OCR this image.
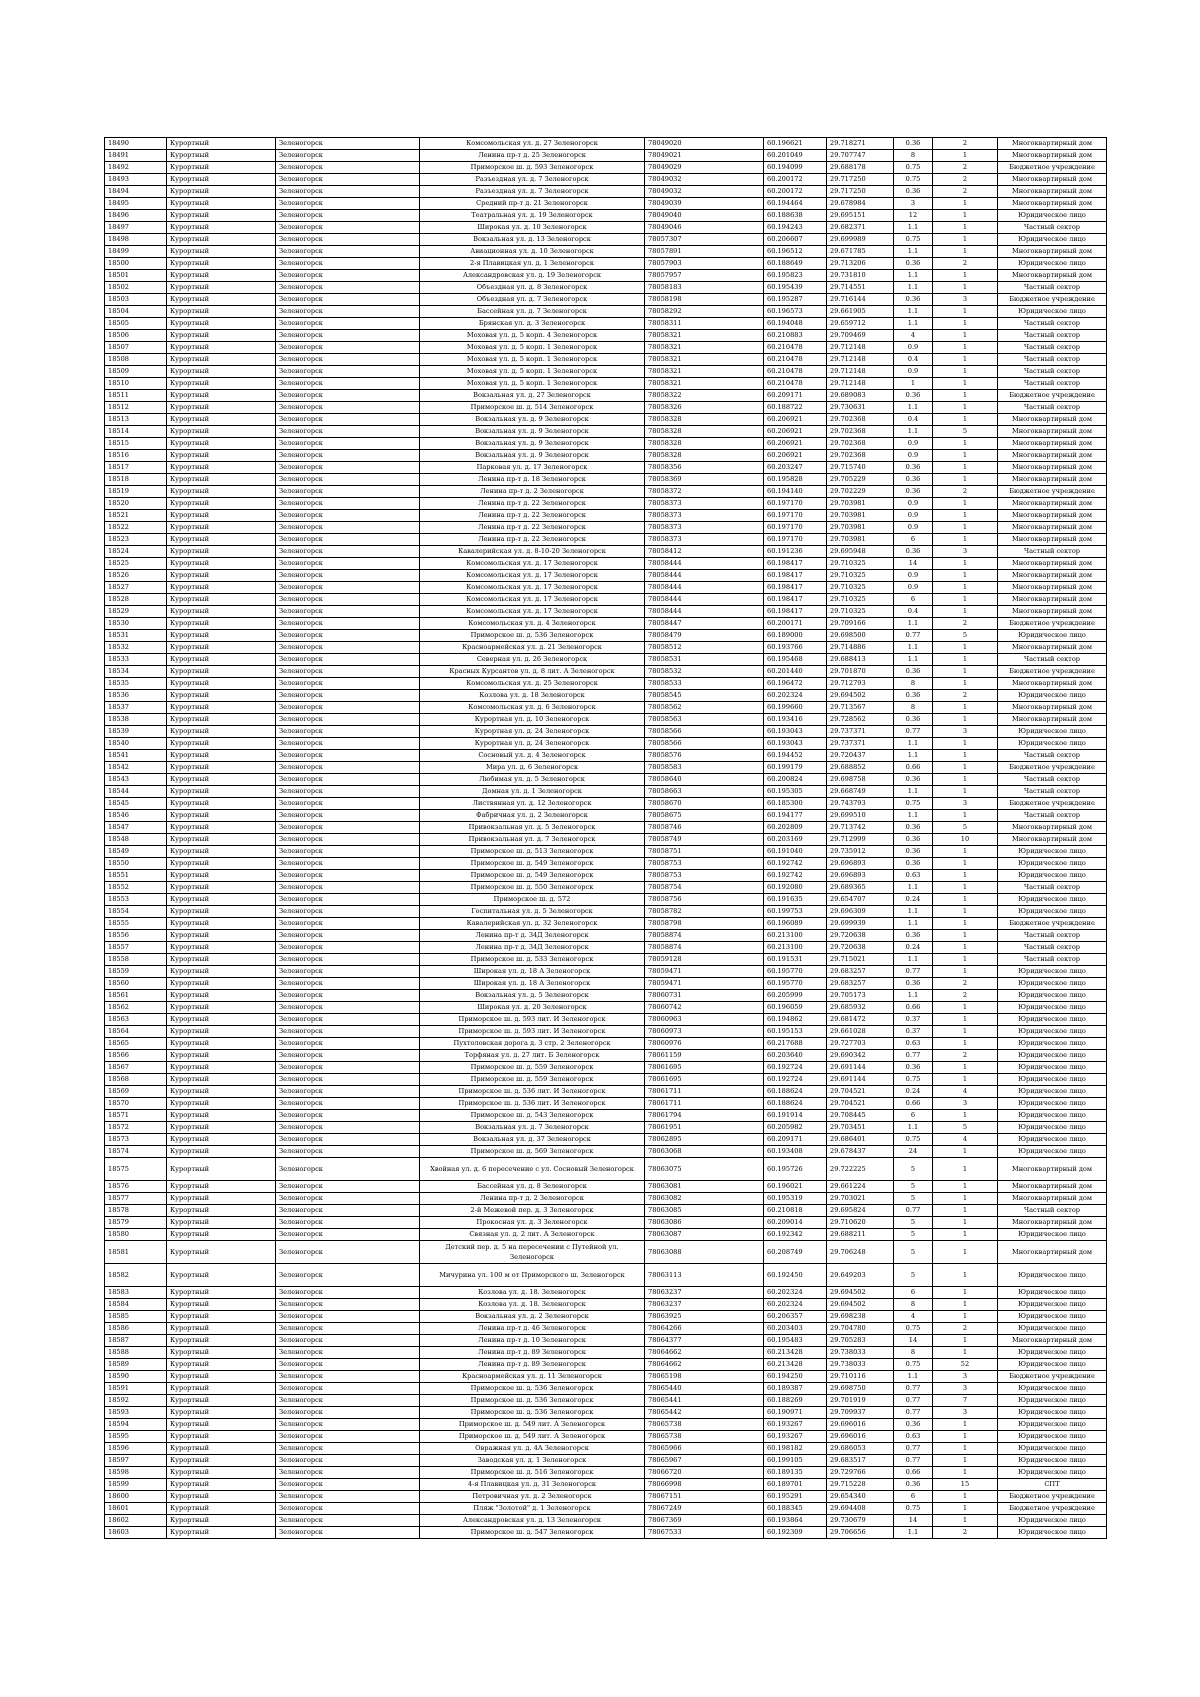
18490	Курортный	Зеленогорск	Комсомольская ул. д. 27 Зеленогорск	78049020	60.196621	29.718271	0.36	2	Многоквартирный дом
18491	Курортный	Зеленогорск	Ленина пр-т д. 25 Зеленогорск	78049021	60.201049	29.707747	8	1	Многоквартирный дом
18492	Курортный	Зеленогорск	Приморское ш. д. 593 Зеленогорск	78049029	60.194099	29.688178	0.75	2	Бюджетное учреждение
18493	Курортный	Зеленогорск	Разъездная ул. д. 7 Зеленогорск	78049032	60.200172	29.717250	0.75	2	Многоквартирный дом
18494	Курортный	Зеленогорск	Разъездная ул. д. 7 Зеленогорск	78049032	60.200172	29.717250	0.36	2	Многоквартирный дом
18495	Курортный	Зеленогорск	Средний пр-т д. 21 Зеленогорск	78049039	60.194464	29.678984	3	1	Многоквартирный дом
18496	Курортный	Зеленогорск	Театральная ул. д. 19 Зеленогорск	78049040	60.188638	29.695151	12	1	Юридическое лицо
18497	Курортный	Зеленогорск	Широкая ул. д. 10 Зеленогорск	78049046	60.194243	29.682371	1.1	1	Частный сектор
18498	Курортный	Зеленогорск	Вокзальная ул. д. 13 Зеленогорск	78057307	60.206607	29.699989	0.75	1	Юридическое лицо
18499	Курортный	Зеленогорск	Авиационная ул. д. 10 Зеленогорск	78057891	60.196512	29.671785	1.1	1	Многоквартирный дом
18500	Курортный	Зеленогорск	2-я Плавицкая ул. д. 1 Зеленогорск	78057903	60.188649	29.713206	0.36	2	Юридическое лицо
18501	Курортный	Зеленогорск	Александровская ул. д. 19 Зеленогорск	78057957	60.195823	29.731810	1.1	1	Многоквартирный дом
18502	Курортный	Зеленогорск	Объездная ул. д. 8 Зеленогорск	78058183	60.195439	29.714551	1.1	1	Частный сектор
18503	Курортный	Зеленогорск	Объездная ул. д. 7 Зеленогорск	78058198	60.195287	29.716144	0.36	3	Бюджетное учреждение
18504	Курортный	Зеленогорск	Бассейная ул. д. 7 Зеленогорск	78058292	60.196573	29.661905	1.1	1	Юридическое лицо
18505	Курортный	Зеленогорск	Брянская ул. д. 3 Зеленогорск	78058311	60.194048	29.659712	1.1	1	Частный сектор
18506	Курортный	Зеленогорск	Моховая ул. д. 5 корп. 4 Зеленогорск	78058321	60.210883	29.709469	4	1	Частный сектор
18507	Курортный	Зеленогорск	Моховая ул. д. 5 корп. 1 Зеленогорск	78058321	60.210478	29.712148	0.9	1	Частный сектор
18508	Курортный	Зеленогорск	Моховая ул. д. 5 корп. 1 Зеленогорск	78058321	60.210478	29.712148	0.4	1	Частный сектор
18509	Курортный	Зеленогорск	Моховая ул. д. 5 корп. 1 Зеленогорск	78058321	60.210478	29.712148	0.9	1	Частный сектор
18510	Курортный	Зеленогорск	Моховая ул. д. 5 корп. 1 Зеленогорск	78058321	60.210478	29.712148	1	1	Частный сектор
18511	Курортный	Зеленогорск	Вокзальная ул. д. 27 Зеленогорск	78058322	60.209171	29.689083	0.36	1	Бюджетное учреждение
18512	Курортный	Зеленогорск	Приморское ш. д. 514 Зеленогорск	78058326	60.188722	29.730631	1.1	1	Частный сектор
18513	Курортный	Зеленогорск	Вокзальная ул. д. 9 Зеленогорск	78058328	60.206921	29.702368	0.4	1	Многоквартирный дом
18514	Курортный	Зеленогорск	Вокзальная ул. д. 9 Зеленогорск	78058328	60.206921	29.702368	1.1	5	Многоквартирный дом
18515	Курортный	Зеленогорск	Вокзальная ул. д. 9 Зеленогорск	78058328	60.206921	29.702368	0.9	1	Многоквартирный дом
18516	Курортный	Зеленогорск	Вокзальная ул. д. 9 Зеленогорск	78058328	60.206921	29.702368	0.9	1	Многоквартирный дом
18517	Курортный	Зеленогорск	Парковая ул. д. 17 Зеленогорск	78058356	60.203247	29.715740	0.36	1	Многоквартирный дом
18518	Курортный	Зеленогорск	Ленина пр-т д. 18 Зеленогорск	78058369	60.195828	29.705229	0.36	1	Многоквартирный дом
18519	Курортный	Зеленогорск	Ленина пр-т д. 2 Зеленогорск	78058372	60.194140	29.702229	0.36	2	Бюджетное учреждение
18520	Курортный	Зеленогорск	Ленина пр-т д. 22 Зеленогорск	78058373	60.197170	29.703981	0.9	1	Многоквартирный дом
18521	Курортный	Зеленогорск	Ленина пр-т д. 22 Зеленогорск	78058373	60.197170	29.703981	0.9	1	Многоквартирный дом
18522	Курортный	Зеленогорск	Ленина пр-т д. 22 Зеленогорск	78058373	60.197170	29.703981	0.9	1	Многоквартирный дом
18523	Курортный	Зеленогорск	Ленина пр-т д. 22 Зеленогорск	78058373	60.197170	29.703981	6	1	Многоквартирный дом
18524	Курортный	Зеленогорск	Кавалерийская ул. д. 8-10-20 Зеленогорск	78058412	60.191236	29.695948	0.36	3	Частный сектор
18525	Курортный	Зеленогорск	Комсомольская ул. д. 17 Зеленогорск	78058444	60.198417	29.710325	14	1	Многоквартирный дом
18526	Курортный	Зеленогорск	Комсомольская ул. д. 17 Зеленогорск	78058444	60.198417	29.710325	0.9	1	Многоквартирный дом
18527	Курортный	Зеленогорск	Комсомольская ул. д. 17 Зеленогорск	78058444	60.198417	29.710325	0.9	1	Многоквартирный дом
18528	Курортный	Зеленогорск	Комсомольская ул. д. 17 Зеленогорск	78058444	60.198417	29.710325	6	1	Многоквартирный дом
18529	Курортный	Зеленогорск	Комсомольская ул. д. 17 Зеленогорск	78058444	60.198417	29.710325	0.4	1	Многоквартирный дом
18530	Курортный	Зеленогорск	Комсомольская ул. д. 4 Зеленогорск	78058447	60.200171	29.709166	1.1	2	Бюджетное учреждение
18531	Курортный	Зеленогорск	Приморское ш. д. 536 Зеленогорск	78058479	60.189000	29.698500	0.77	5	Юридическое лицо
18532	Курортный	Зеленогорск	Красноармейская ул. д. 21 Зеленогорск	78058512	60.193766	29.714886	1.1	1	Многоквартирный дом
18533	Курортный	Зеленогорск	Северная ул. д. 26 Зеленогорск	78058531	60.195468	29.688413	1.1	1	Частный сектор
18534	Курортный	Зеленогорск	Красных Курсантов ул. д. 8 лит. А Зеленогорск	78058532	60.201440	29.701870	0.36	1	Бюджетное учреждение
18535	Курортный	Зеленогорск	Комсомольская ул. д. 25 Зеленогорск	78058533	60.196472	29.712793	8	1	Многоквартирный дом
18536	Курортный	Зеленогорск	Козлова ул. д. 18 Зеленогорск	78058545	60.202324	29.694502	0.36	2	Юридическое лицо
18537	Курортный	Зеленогорск	Комсомольская ул. д. 6 Зеленогорск	78058562	60.199660	29.713567	8	1	Многоквартирный дом
18538	Курортный	Зеленогорск	Курортная ул. д. 10 Зеленогорск	78058563	60.193416	29.728562	0.36	1	Многоквартирный дом
18539	Курортный	Зеленогорск	Курортная ул. д. 24 Зеленогорск	78058566	60.193043	29.737371	0.77	3	Юридическое лицо
18540	Курортный	Зеленогорск	Курортная ул. д. 24 Зеленогорск	78058566	60.193043	29.737371	1.1	1	Юридическое лицо
18541	Курортный	Зеленогорск	Сосновый ул. д. 4 Зеленогорск	78058576	60.194452	29.720437	1.1	1	Частный сектор
18542	Курортный	Зеленогорск	Мира ул. д. 6 Зеленогорск	78058583	60.199179	29.688852	0.66	1	Бюджетное учреждение
18543	Курортный	Зеленогорск	Любимая ул. д. 5 Зеленогорск	78058640	60.200824	29.698758	0.36	1	Частный сектор
18544	Курортный	Зеленогорск	Домная ул. д. 1 Зеленогорск	78058663	60.195305	29.668749	1.1	1	Частный сектор
18545	Курортный	Зеленогорск	Листвянная ул. д. 12 Зеленогорск	78058670	60.185300	29.743793	0.75	3	Бюджетное учреждение
18546	Курортный	Зеленогорск	Фабричная ул. д. 2 Зеленогорск	78058675	60.194177	29.699510	1.1	1	Частный сектор
18547	Курортный	Зеленогорск	Привокзальная ул. д. 5 Зеленогорск	78058746	60.202809	29.713742	0.36	5	Многоквартирный дом
18548	Курортный	Зеленогорск	Привокзальная ул. д. 7 Зеленогорск	78058749	60.203169	29.712999	0.36	10	Многоквартирный дом
18549	Курортный	Зеленогорск	Приморское ш. д. 513 Зеленогорск	78058751	60.191040	29.735912	0.36	1	Юридическое лицо
18550	Курортный	Зеленогорск	Приморское ш. д. 549 Зеленогорск	78058753	60.192742	29.696893	0.36	1	Юридическое лицо
18551	Курортный	Зеленогорск	Приморское ш. д. 549 Зеленогорск	78058753	60.192742	29.696893	0.63	1	Юридическое лицо
18552	Курортный	Зеленогорск	Приморское ш. д. 550 Зеленогорск	78058754	60.192080	29.689365	1.1	1	Частный сектор
18553	Курортный	Зеленогорск	Приморское ш. д. 572	78058756	60.191635	29.654707	0.24	1	Юридическое лицо
18554	Курортный	Зеленогорск	Госпитальная ул. д. 5 Зеленогорск	78058782	60.199753	29.696309	1.1	1	Юридическое лицо
18555	Курортный	Зеленогорск	Кавалерийская ул. д. 32 Зеленогорск	78058798	60.196089	29.699939	1.1	1	Бюджетное учреждение
18556	Курортный	Зеленогорск	Ленина пр-т д. 34Д Зеленогорск	78058874	60.213100	29.720638	0.36	1	Частный сектор
18557	Курортный	Зеленогорск	Ленина пр-т д. 34Д Зеленогорск	78058874	60.213100	29.720638	0.24	1	Частный сектор
18558	Курортный	Зеленогорск	Приморское ш. д. 533 Зеленогорск	78059128	60.191531	29.715021	1.1	1	Частный сектор
18559	Курортный	Зеленогорск	Широкая ул. д. 18 А Зеленогорск	78059471	60.195770	29.683257	0.77	1	Юридическое лицо
18560	Курортный	Зеленогорск	Широкая ул. д. 18 А Зеленогорск	78059471	60.195770	29.683257	0.36	2	Юридическое лицо
18561	Курортный	Зеленогорск	Вокзальная ул. д. 5 Зеленогорск	78060731	60.205999	29.705173	1.1	2	Юридическое лицо
18562	Курортный	Зеленогорск	Широкая ул. д. 20 Зеленогорск	78060742	60.196059	29.685932	0.66	1	Юридическое лицо
18563	Курортный	Зеленогорск	Приморское ш. д. 593 лит. И Зеленогорск	78060963	60.194862	29.681472	0.37	1	Юридическое лицо
18564	Курортный	Зеленогорск	Приморское ш. д. 593 лит. И Зеленогорск	78060973	60.195153	29.661028	0.37	1	Юридическое лицо
18565	Курортный	Зеленогорск	Пухтоловская дорога д. 3 стр. 2 Зеленогорск	78060976	60.217688	29.727703	0.63	1	Юридическое лицо
18566	Курортный	Зеленогорск	Торфяная ул. д. 27 лит. Б Зеленогорск	78061159	60.203640	29.690342	0.77	2	Юридическое лицо
18567	Курортный	Зеленогорск	Приморское ш. д. 559 Зеленогорск	78061695	60.192724	29.691144	0.36	1	Юридическое лицо
18568	Курортный	Зеленогорск	Приморское ш. д. 559 Зеленогорск	78061695	60.192724	29.691144	0.75	1	Юридическое лицо
18569	Курортный	Зеленогорск	Приморское ш. д. 536 лит. И Зеленогорск	78061711	60.188624	29.704521	0.24	4	Юридическое лицо
18570	Курортный	Зеленогорск	Приморское ш. д. 536 лит. И Зеленогорск	78061711	60.188624	29.704521	0.66	3	Юридическое лицо
18571	Курортный	Зеленогорск	Приморское ш. д. 543 Зеленогорск	78061794	60.191914	29.708445	6	1	Юридическое лицо
18572	Курортный	Зеленогорск	Вокзальная ул. д. 7 Зеленогорск	78061951	60.205982	29.703451	1.1	5	Юридическое лицо
18573	Курортный	Зеленогорск	Вокзальная ул. д. 37 Зеленогорск	78062895	60.209171	29.686401	0.75	4	Юридическое лицо
18574	Курортный	Зеленогорск	Приморское ш. д. 569 Зеленогорск	78063068	60.193408	29.678437	24	1	Юридическое лицо
18575	Курортный	Зеленогорск	Хвойная ул. д. 6 пересечение с ул. Сосновый Зеленогорск	78063075	60.195726	29.722225	5	1	Многоквартирный дом
18576	Курортный	Зеленогорск	Бассейная ул. д. 8 Зеленогорск	78063081	60.196021	29.661224	5	1	Многоквартирный дом
18577	Курортный	Зеленогорск	Ленина пр-т д. 2 Зеленогорск	78063082	60.195319	29.703021	5	1	Многоквартирный дом
18578	Курортный	Зеленогорск	2-й Межевой пер. д. 3 Зеленогорск	78063085	60.210818	29.695824	0.77	1	Частный сектор
18579	Курортный	Зеленогорск	Прокосная ул. д. 3 Зеленогорск	78063086	60.209014	29.710620	5	1	Многоквартирный дом
18580	Курортный	Зеленогорск	Связная ул. д. 2 лит. А Зеленогорск	78063087	60.192342	29.688211	5	1	Юридическое лицо
18581	Курортный	Зеленогорск	Детский пер. д. 5 на пересечении с Путейной ул. Зеленогорск	78063088	60.208749	29.706248	5	1	Многоквартирный дом
18582	Курортный	Зеленогорск	Мичурина ул. 100 м от Приморского ш. Зеленогорск	78063113	60.192450	29.649203	5	1	Юридическое лицо
18583	Курортный	Зеленогорск	Козлова ул. д. 18. Зеленогорск	78063237	60.202324	29.694502	6	1	Юридическое лицо
18584	Курортный	Зеленогорск	Козлова ул. д. 18. Зеленогорск	78063237	60.202324	29.694502	8	1	Юридическое лицо
18585	Курортный	Зеленогорск	Вокзальная ул. д. 2 Зеленогорск	78063925	60.206357	29.698238	4	1	Юридическое лицо
18586	Курортный	Зеленогорск	Ленина пр-т д. 46 Зеленогорск	78064266	60.203403	29.704780	0.75	2	Юридическое лицо
18587	Курортный	Зеленогорск	Ленина пр-т д. 10 Зеленогорск	78064377	60.195483	29.705283	14	1	Многоквартирный дом
18588	Курортный	Зеленогорск	Ленина пр-т д. 89 Зеленогорск	78064662	60.213428	29.738033	8	1	Юридическое лицо
18589	Курортный	Зеленогорск	Ленина пр-т д. 89 Зеленогорск	78064662	60.213428	29.738033	0.75	52	Юридическое лицо
18590	Курортный	Зеленогорск	Красноармейская ул. д. 11 Зеленогорск	78065198	60.194250	29.710116	1.1	3	Бюджетное учреждение
18591	Курортный	Зеленогорск	Приморское ш. д. 536 Зеленогорск	78065440	60.189387	29.698750	0.77	3	Юридическое лицо
18592	Курортный	Зеленогорск	Приморское ш. д. 536 Зеленогорск	78065441	60.188269	29.701919	0.77	7	Юридическое лицо
18593	Курортный	Зеленогорск	Приморское ш. д. 536 Зеленогорск	78065442	60.190971	29.709937	0.77	3	Юридическое лицо
18594	Курортный	Зеленогорск	Приморское ш. д. 549 лит. А Зеленогорск	78065738	60.193267	29.696016	0.36	1	Юридическое лицо
18595	Курортный	Зеленогорск	Приморское ш. д. 549 лит. А Зеленогорск	78065738	60.193267	29.696016	0.63	1	Юридическое лицо
18596	Курортный	Зеленогорск	Овражная ул. д. 4А Зеленогорск	78065966	60.198182	29.686053	0.77	1	Юридическое лицо
18597	Курортный	Зеленогорск	Заводская ул. д. 1 Зеленогорск	78065967	60.199105	29.683517	0.77	1	Юридическое лицо
18598	Курортный	Зеленогорск	Приморское ш. д. 516 Зеленогорск	78066720	60.189135	29.729766	0.66	1	Юридическое лицо
18599	Курортный	Зеленогорск	4-я Плавицкая ул. д. 31 Зеленогорск	78066998	60.189701	29.715228	0.36	15	СПТ
18600	Курортный	Зеленогорск	Петровичная ул. д. 2 Зеленогорск	78067151	60.195291	29.654340	6	1	Бюджетное учреждение
18601	Курортный	Зеленогорск	Пляж "Золотой" д. 1 Зеленогорск	78067249	60.188345	29.694408	0.75	1	Бюджетное учреждение
18602	Курортный	Зеленогорск	Александровская ул. д. 13 Зеленогорск	78067369	60.193864	29.730679	14	1	Юридическое лицо
18603	Курортный	Зеленогорск	Приморское ш. д. 547 Зеленогорск	78067533	60.192309	29.706656	1.1	2	Юридическое лицо
